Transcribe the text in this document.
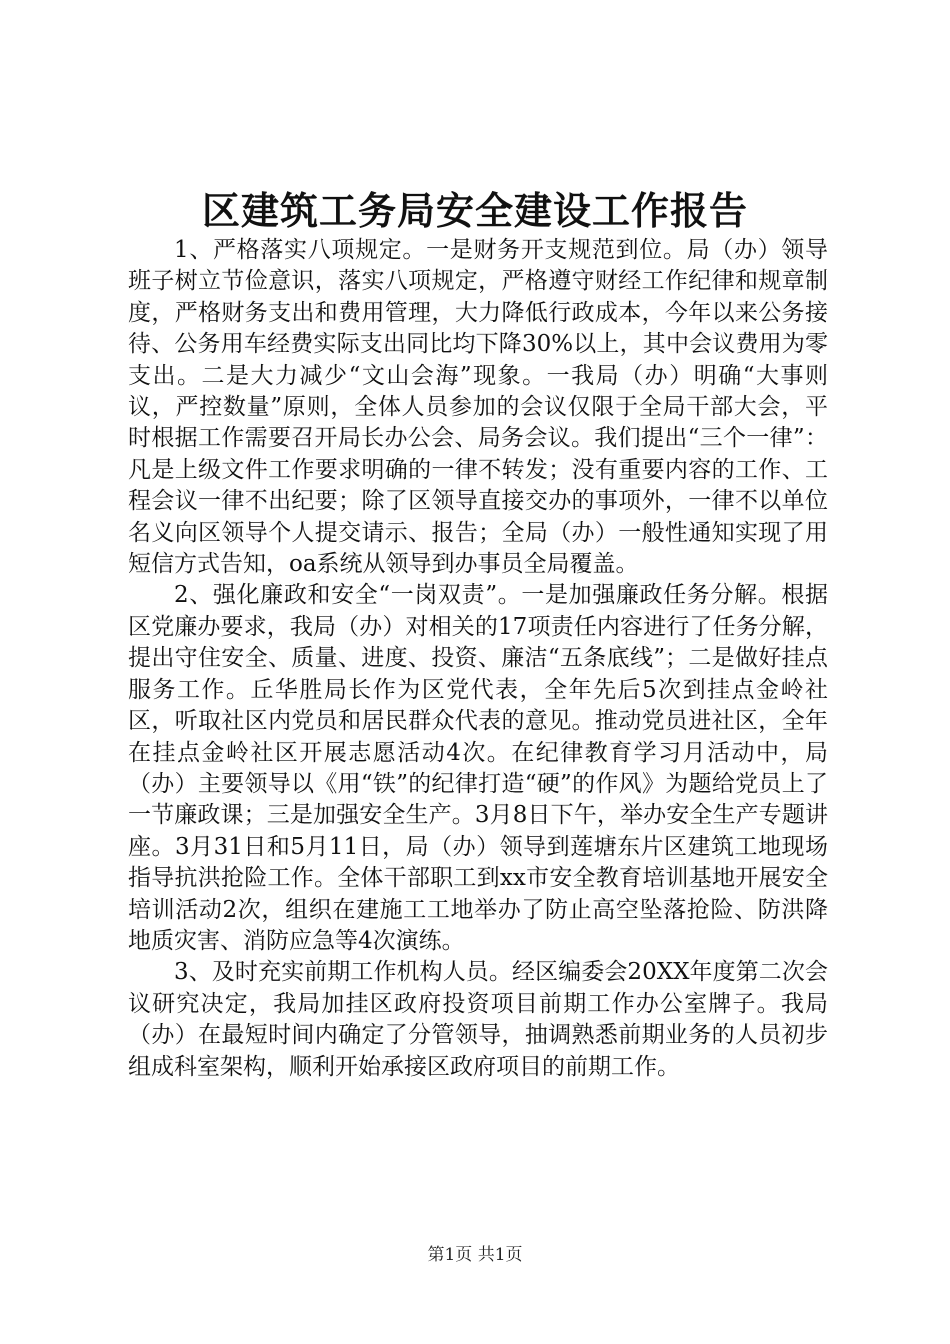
区建筑工务局安全建设工作报告

1、严格落实八项规定。一是财务开支规范到位。局（办）领导班子树立节俭意识，落实八项规定，严格遵守财经工作纪律和规章制度，严格财务支出和费用管理，大力降低行政成本，今年以来公务接待、公务用车经费实际支出同比均下降30%以上，其中会议费用为零支出。二是大力减少“文山会海”现象。一我局（办）明确“大事则议，严控数量”原则，全体人员参加的会议仅限于全局干部大会，平时根据工作需要召开局长办公会、局务会议。我们提出“三个一律”：凡是上级文件工作要求明确的一律不转发；没有重要内容的工作、工程会议一律不出纪要；除了区领导直接交办的事项外，一律不以单位名义向区领导个人提交请示、报告；全局（办）一般性通知实现了用短信方式告知，oa系统从领导到办事员全局覆盖。

2、强化廉政和安全“一岗双责”。一是加强廉政任务分解。根据区党廉办要求，我局（办）对相关的17项责任内容进行了任务分解，提出守住安全、质量、进度、投资、廉洁“五条底线”；二是做好挂点服务工作。丘华胜局长作为区党代表，全年先后5次到挂点金岭社区，听取社区内党员和居民群众代表的意见。推动党员进社区，全年在挂点金岭社区开展志愿活动4次。在纪律教育学习月活动中，局（办）主要领导以《用“铁”的纪律打造“硬”的作风》为题给党员上了一节廉政课；三是加强安全生产。3月8日下午，举办安全生产专题讲座。3月31日和5月11日，局（办）领导到莲塘东片区建筑工地现场指导抗洪抢险工作。全体干部职工到xx市安全教育培训基地开展安全培训活动2次，组织在建施工工地举办了防止高空坠落抢险、防洪降地质灾害、消防应急等4次演练。

3、及时充实前期工作机构人员。经区编委会20XX年度第二次会议研究决定，我局加挂区政府投资项目前期工作办公室牌子。我局（办）在最短时间内确定了分管领导，抽调熟悉前期业务的人员初步组成科室架构，顺利开始承接区政府项目的前期工作。

第1页 共1页
